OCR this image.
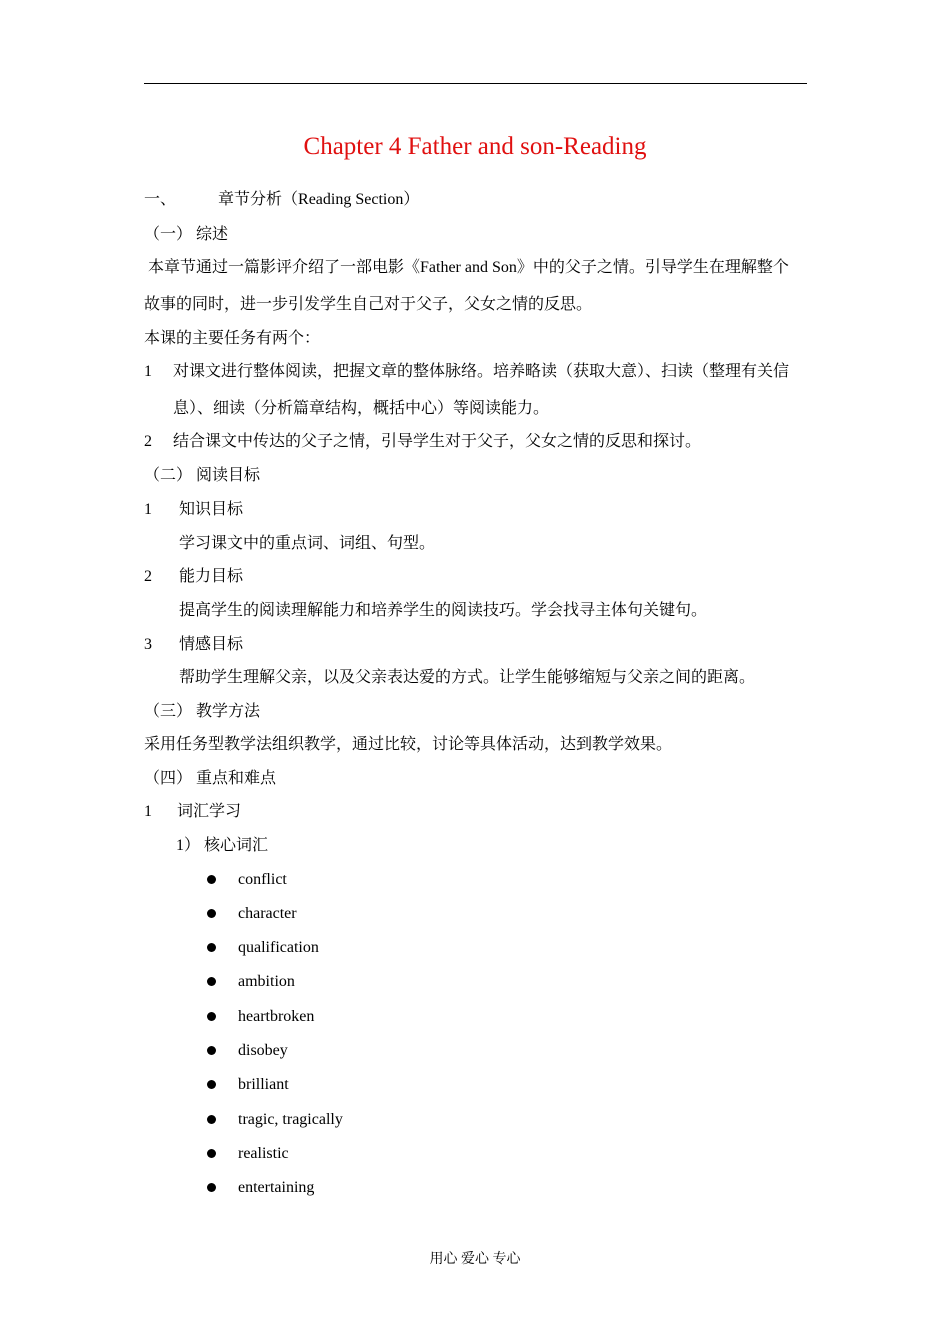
Chapter 4 Father and son-Reading
一、	章节分析（Reading Section）
（一） 综述
本章节通过一篇影评介绍了一部电影《Father and Son》中的父子之情。引导学生在理解整个
故事的同时，进一步引发学生自己对于父子，父女之情的反思。
本课的主要任务有两个：
1 对课文进行整体阅读，把握文章的整体脉络。培养略读（获取大意）、扫读（整理有关信
息）、细读（分析篇章结构，概括中心）等阅读能力。
2 结合课文中传达的父子之情，引导学生对于父子，父女之情的反思和探讨。
（二） 阅读目标
1 知识目标
学习课文中的重点词、词组、句型。
2 能力目标
提高学生的阅读理解能力和培养学生的阅读技巧。学会找寻主体句关键句。
3 情感目标
帮助学生理解父亲，以及父亲表达爱的方式。让学生能够缩短与父亲之间的距离。
（三） 教学方法
采用任务型教学法组织教学，通过比较，讨论等具体活动，达到教学效果。
（四） 重点和难点
1 词汇学习
1） 核心词汇
conflict
character
qualification
ambition
heartbroken
disobey
brilliant
tragic, tragically
realistic
entertaining
用心 爱心 专心
